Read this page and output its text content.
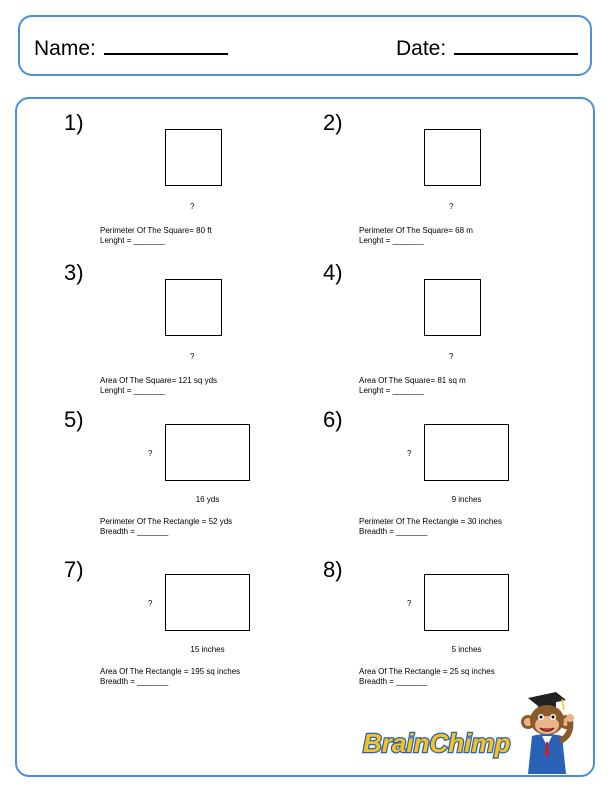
Name:	Date:
1)
?
Perimeter Of The Square= 80 ft
Lenght = _______
2)
?
Perimeter Of The Square= 68 m
Lenght = _______
3)
?
Area Of The Square= 121 sq yds
Lenght = _______
4)
?
Area Of The Square= 81 sq m
Lenght = _______
5)
?
16 yds
Perimeter Of The Rectangle = 52 yds
Breadth = _______
6)
?
9 inches
Perimeter Of The Rectangle = 30 inches
Breadth = _______
7)
?
15 inches
Area Of The Rectangle = 195 sq inches
Breadth = _______
8)
?
5 inches
Area Of The Rectangle = 25 sq inches
Breadth = _______
BrainChimp
